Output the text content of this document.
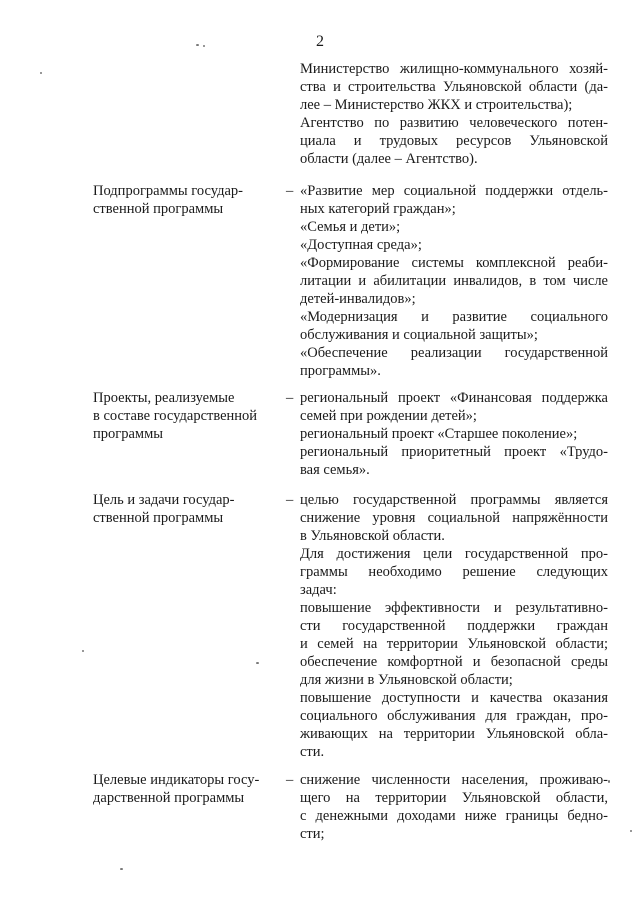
2
Министерство жилищно-коммунального хозяй-
ства и строительства Ульяновской области (да-
лее – Министерство ЖКХ и строительства);
Агентство по развитию человеческого потен-
циала и трудовых ресурсов Ульяновской
области (далее – Агентство).
Подпрограммы государ-
ственной программы
– «Развитие мер социальной поддержки отдель-
ных категорий граждан»;
«Семья и дети»;
«Доступная среда»;
«Формирование системы комплексной реаби-
литации и абилитации инвалидов, в том числе
детей-инвалидов»;
«Модернизация и развитие социального
обслуживания и социальной защиты»;
«Обеспечение реализации государственной
программы».
Проекты, реализуемые
в составе государственной
программы
– региональный проект «Финансовая поддержка
семей при рождении детей»;
региональный проект «Старшее поколение»;
региональный приоритетный проект «Трудо-
вая семья».
Цель и задачи государ-
ственной программы
– целью государственной программы является
снижение уровня социальной напряжённости
в Ульяновской области.
Для достижения цели государственной про-
граммы необходимо решение следующих
задач:
повышение эффективности и результативно-
сти государственной поддержки граждан
и семей на территории Ульяновской области;
обеспечение комфортной и безопасной среды
для жизни в Ульяновской области;
повышение доступности и качества оказания
социального обслуживания для граждан, про-
живающих на территории Ульяновской обла-
сти.
Целевые индикаторы госу-
дарственной программы
– снижение численности населения, проживаю-
щего на территории Ульяновской области,
с денежными доходами ниже границы бедно-
сти;
